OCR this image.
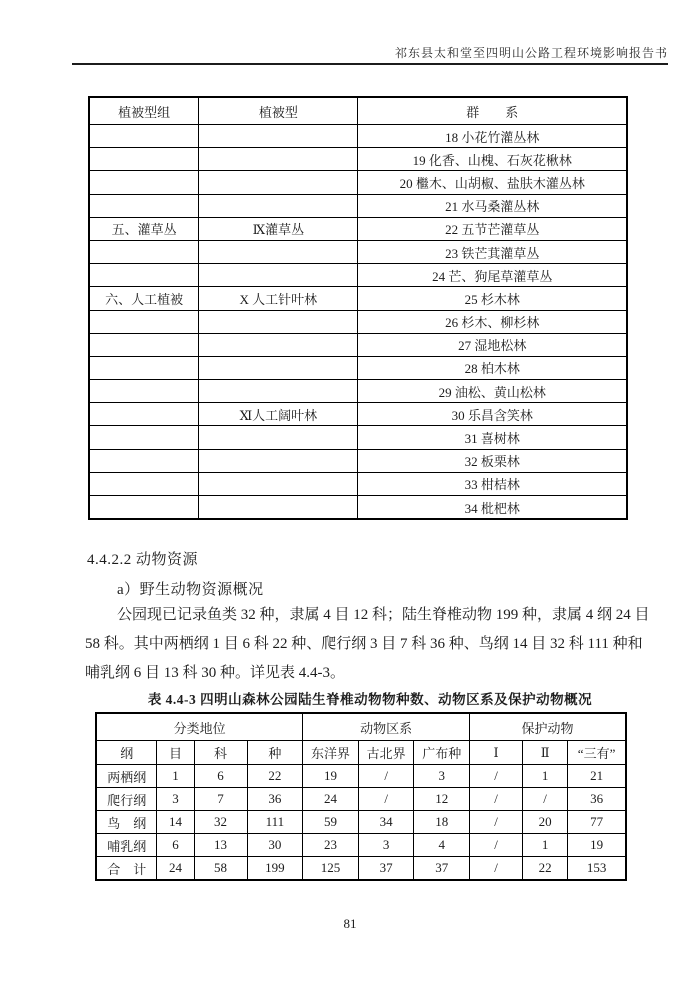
祁东县太和堂至四明山公路工程环境影响报告书
植被型组	植被型	群　　系
		18 小花竹灌丛林
		19 化香、山槐、石灰花楸林
		20 檵木、山胡椒、盐肤木灌丛林
		21 水马桑灌丛林
五、灌草丛	Ⅸ灌草丛	22 五节芒灌草丛
		23 铁芒萁灌草丛
		24 芒、狗尾草灌草丛
六、人工植被	X 人工针叶林	25 杉木林
		26 杉木、柳杉林
		27 湿地松林
		28 柏木林
		29 油松、黄山松林
	Ⅺ人工阔叶林	30 乐昌含笑林
		31 喜树林
		32 板栗林
		33 柑桔林
		34 枇杷林
4.4.2.2 动物资源
a）野生动物资源概况
公园现已记录鱼类 32 种，隶属 4 目 12 科；陆生脊椎动物 199 种，隶属 4 纲 24 目
58 科。其中两栖纲 1 目 6 科 22 种、爬行纲 3 目 7 科 36 种、鸟纲 14 目 32 科 111 种和
哺乳纲 6 目 13 科 30 种。详见表 4.4-3。
表 4.4-3 四明山森林公园陆生脊椎动物物种数、动物区系及保护动物概况
分类地位				动物区系			保护动物		
纲	目	科	种	东洋界	古北界	广布种	Ⅰ	Ⅱ	“三有”
两栖纲	1	6	22	19	/	3	/	1	21
爬行纲	3	7	36	24	/	12	/	/	36
鸟　纲	14	32	111	59	34	18	/	20	77
哺乳纲	6	13	30	23	3	4	/	1	19
合　计	24	58	199	125	37	37	/	22	153
81
